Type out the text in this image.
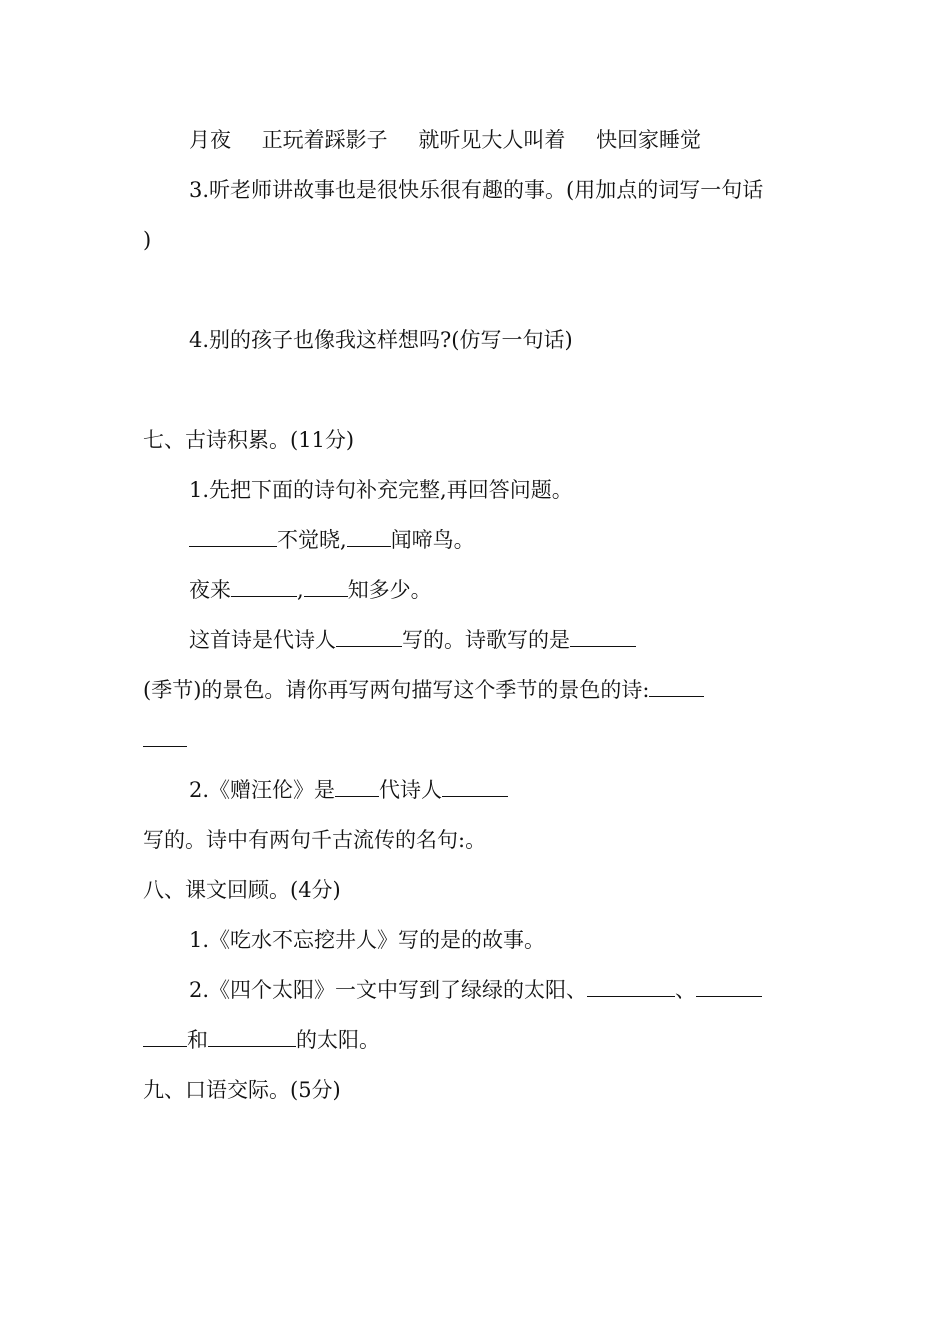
月夜 正玩着踩影子 就听见大人叫着 快回家睡觉
3.听老师讲故事也是很快乐很有趣的事。(用加点的词写一句话
)
4.别的孩子也像我这样想吗?(仿写一句话)
七、古诗积累。(11分)
1.先把下面的诗句补充完整,再回答问题。
不觉晓, 闻啼鸟。
夜来	, 知多少。
这首诗是代诗人	写的。诗歌写的是
(季节)的景色。请你再写两句描写这个季节的景色的诗:
2.《赠汪伦》是 代诗人
写的。诗中有两句千古流传的名句:。
八、课文回顾。(4分)
1.《吃水不忘挖井人》写的是的故事。
2.《四个太阳》一文中写到了绿绿的太阳、	、
和	的太阳。
九、口语交际。(5分)
